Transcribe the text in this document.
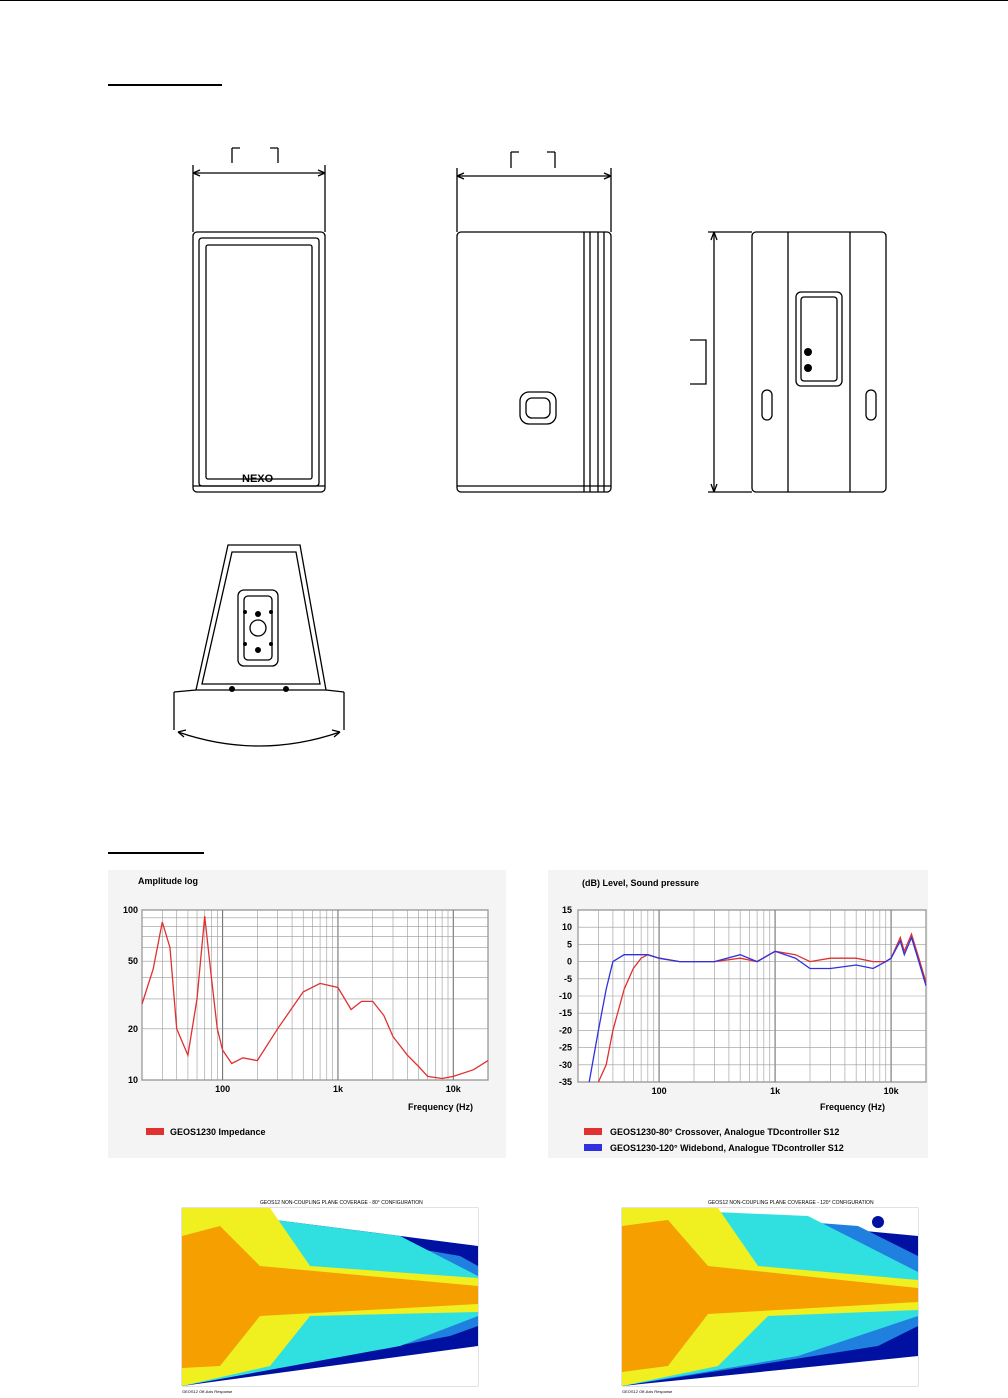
NEXO
Amplitude log
Frequency (Hz)
GEOS1230 Impedance
100
50
20
10
100	1k	10k
(dB) Level, Sound pressure
Frequency (Hz)
GEOS1230-80° Crossover, Analogue TDcontroller S12
GEOS1230-120° Widebond, Analogue TDcontroller S12
15
10
5
0
-5
-10
-15
-20
-25
-30
-35
100	1k	10k
GEOS12 NON-COUPLING PLANE COVERAGE - 80° CONFIGURATION
GEOS12 Off-Axis Response
GEOS12 NON-COUPLING PLANE COVERAGE - 120° CONFIGURATION
GEOS12 Off-Axis Response
